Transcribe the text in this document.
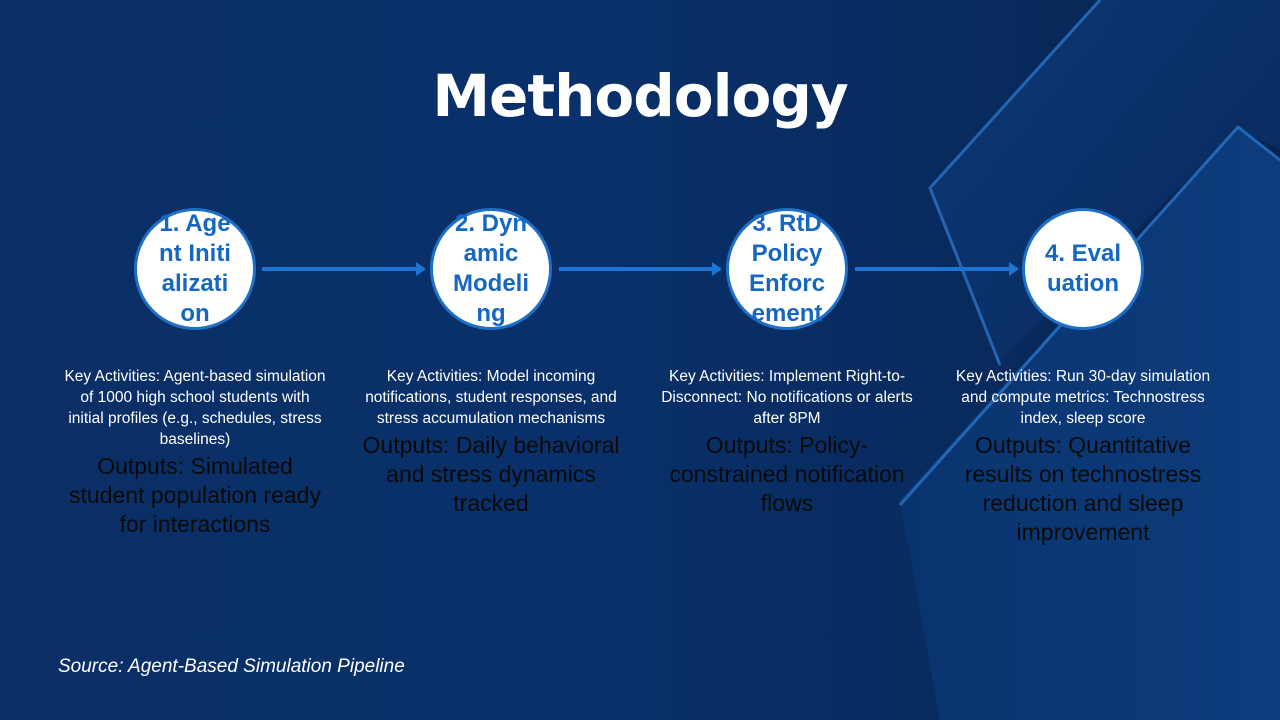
Methodology
1. Agent Initialization
2. Dynamic Modeling
3. RtD Policy Enforcement
4. Evaluation
Key Activities: Agent-based simulation of 1000 high school students with initial profiles (e.g., schedules, stress baselines)
Outputs: Simulated student population ready for interactions
Key Activities: Model incoming notifications, student responses, and stress accumulation mechanisms
Outputs: Daily behavioral and stress dynamics tracked
Key Activities: Implement Right-to-Disconnect: No notifications or alerts after 8PM
Outputs: Policy-constrained notification flows
Key Activities: Run 30-day simulation and compute metrics: Technostress index, sleep score
Outputs: Quantitative results on technostress reduction and sleep improvement
Source: Agent-Based Simulation Pipeline
